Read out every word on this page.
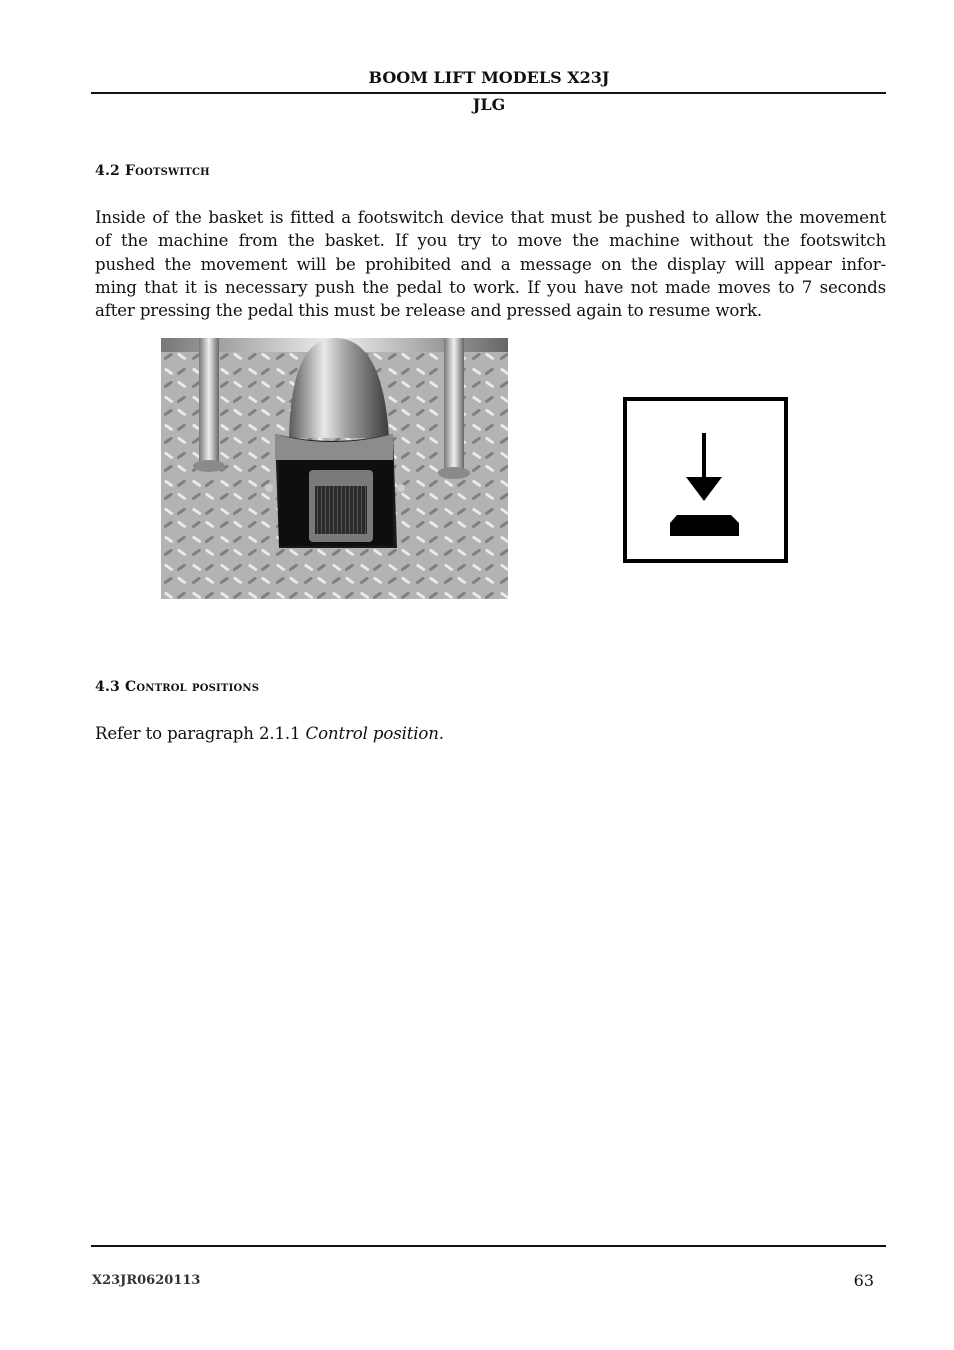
BOOM LIFT MODELS X23J
JLG
4.2 Footswitch
Inside of the basket is fitted a footswitch device that must be pushed to allow the movement
of the machine from the basket. If you try to move the machine without the footswitch
pushed the movement will be prohibited and a message on the display will appear infor-
ming that it is necessary push the pedal to work. If you have not made moves to 7 seconds
after pressing the pedal this must be release and pressed again to resume work.
4.3 Control positions
Refer to paragraph 2.1.1 Control position.
X23JR0620113	63
